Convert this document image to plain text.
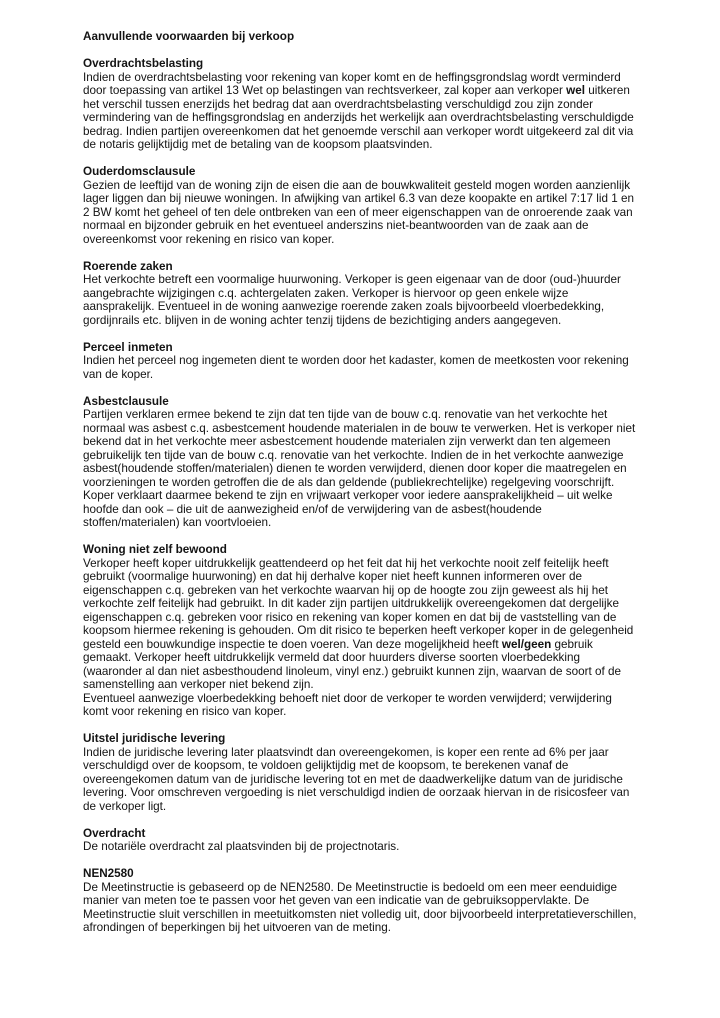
Aanvullende voorwaarden bij verkoop
Overdrachtsbelasting

Indien de overdrachtsbelasting voor rekening van koper komt en de heffingsgrondslag wordt verminderd door toepassing van artikel 13 Wet op belastingen van rechtsverkeer, zal koper aan verkoper wel uitkeren het verschil tussen enerzijds het bedrag dat aan overdrachtsbelasting verschuldigd zou zijn zonder vermindering van de heffingsgrondslag en anderzijds het werkelijk aan overdrachtsbelasting verschuldigde bedrag. Indien partijen overeenkomen dat het genoemde verschil aan verkoper wordt uitgekeerd zal dit via de notaris gelijktijdig met de betaling van de koopsom plaatsvinden.

Ouderdomsclausule

Gezien de leeftijd van de woning zijn de eisen die aan de bouwkwaliteit gesteld mogen worden aanzienlijk lager liggen dan bij nieuwe woningen. In afwijking van artikel 6.3 van deze koopakte en artikel 7:17 lid 1 en 2 BW komt het geheel of ten dele ontbreken van een of meer eigenschappen van de onroerende zaak van normaal en bijzonder gebruik en het eventueel anderszins niet-beantwoorden van de zaak aan de overeenkomst voor rekening en risico van koper.

Roerende zaken

Het verkochte betreft een voormalige huurwoning. Verkoper is geen eigenaar van de door (oud-)huurder aangebrachte wijzigingen c.q. achtergelaten zaken. Verkoper is hiervoor op geen enkele wijze aansprakelijk. Eventueel in de woning aanwezige roerende zaken zoals bijvoorbeeld vloerbedekking, gordijnrails etc. blijven in de woning achter tenzij tijdens de bezichtiging anders aangegeven.

Perceel inmeten

Indien het perceel nog ingemeten dient te worden door het kadaster, komen de meetkosten voor rekening van de koper.

Asbestclausule

Partijen verklaren ermee bekend te zijn dat ten tijde van de bouw c.q. renovatie van het verkochte het normaal was asbest c.q. asbestcement houdende materialen in de bouw te verwerken. Het is verkoper niet bekend dat in het verkochte meer asbestcement houdende materialen zijn verwerkt dan ten algemeen gebruikelijk ten tijde van de bouw c.q. renovatie van het verkochte. Indien de in het verkochte aanwezige asbest(houdende stoffen/materialen) dienen te worden verwijderd, dienen door koper die maatregelen en voorzieningen te worden getroffen die de als dan geldende (publiekrechtelijke) regelgeving voorschrijft. Koper verklaart daarmee bekend te zijn en vrijwaart verkoper voor iedere aansprakelijkheid – uit welke hoofde dan ook – die uit de aanwezigheid en/of de verwijdering van de asbest(houdende stoffen/materialen) kan voortvloeien.

Woning niet zelf bewoond

Verkoper heeft koper uitdrukkelijk geattendeerd op het feit dat hij het verkochte nooit zelf feitelijk heeft gebruikt (voormalige huurwoning) en dat hij derhalve koper niet heeft kunnen informeren over de eigenschappen c.q. gebreken van het verkochte waarvan hij op de hoogte zou zijn geweest als hij het verkochte zelf feitelijk had gebruikt. In dit kader zijn partijen uitdrukkelijk overeengekomen dat dergelijke eigenschappen c.q. gebreken voor risico en rekening van koper komen en dat bij de vaststelling van de koopsom hiermee rekening is gehouden. Om dit risico te beperken heeft verkoper koper in de gelegenheid gesteld een bouwkundige inspectie te doen voeren. Van deze mogelijkheid heeft wel/geen gebruik gemaakt. Verkoper heeft uitdrukkelijk vermeld dat door huurders diverse soorten vloerbedekking (waaronder al dan niet asbesthoudend linoleum, vinyl enz.) gebruikt kunnen zijn, waarvan de soort of de samenstelling aan verkoper niet bekend zijn.

Eventueel aanwezige vloerbedekking behoeft niet door de verkoper te worden verwijderd; verwijdering komt voor rekening en risico van koper.

Uitstel juridische levering

Indien de juridische levering later plaatsvindt dan overeengekomen, is koper een rente ad 6% per jaar verschuldigd over de koopsom, te voldoen gelijktijdig met de koopsom, te berekenen vanaf de overeengekomen datum van de juridische levering tot en met de daadwerkelijke datum van de juridische levering. Voor omschreven vergoeding is niet verschuldigd indien de oorzaak hiervan in de risicosfeer van de verkoper ligt.

Overdracht

De notariële overdracht zal plaatsvinden bij de projectnotaris.

NEN2580

De Meetinstructie is gebaseerd op de NEN2580. De Meetinstructie is bedoeld om een meer eenduidige manier van meten toe te passen voor het geven van een indicatie van de gebruiksoppervlakte. De Meetinstructie sluit verschillen in meetuitkomsten niet volledig uit, door bijvoorbeeld interpretatieverschillen, afrondingen of beperkingen bij het uitvoeren van de meting.
